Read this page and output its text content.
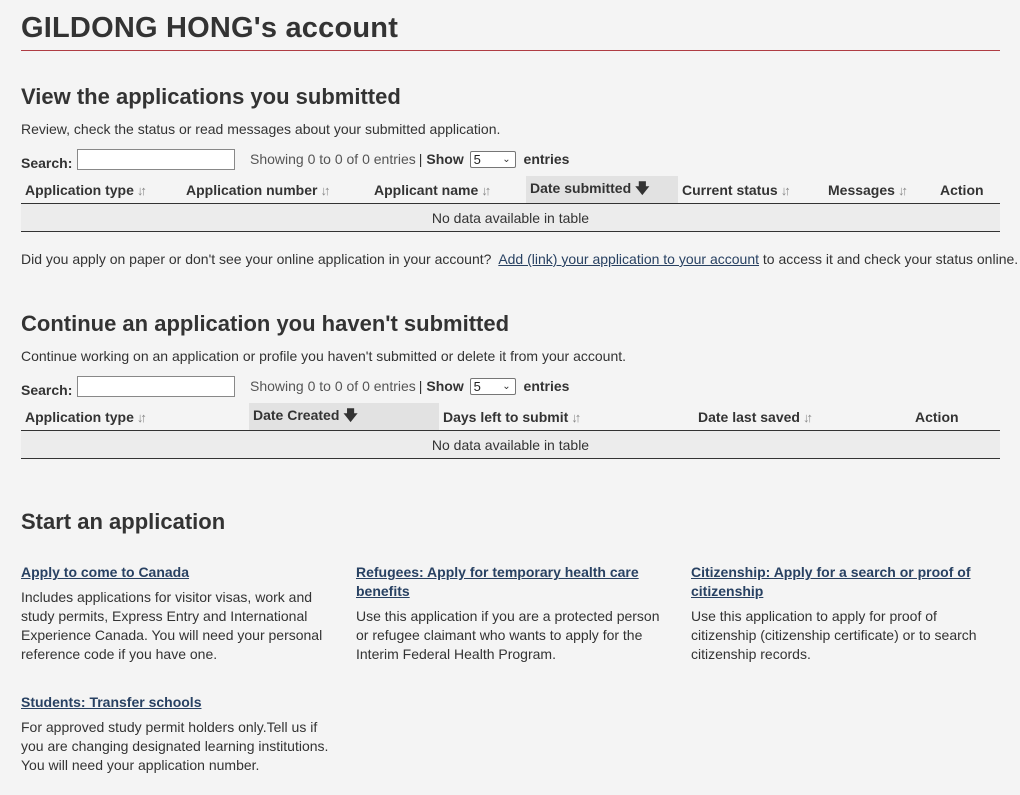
GILDONG HONG's account
View the applications you submitted
Review, check the status or read messages about your submitted application.
Search:	Showing 0 to 0 of 0 entries | Show 5 ⌄ entries
Application type ↓↑	Application number ↓↑	Applicant name ↓↑	Date submitted 🡇	Current status ↓↑	Messages ↓↑	Action
No data available in table
Did you apply on paper or don't see your online application in your account? Add (link) your application to your account to access it and check your status online.
Continue an application you haven't submitted
Continue working on an application or profile you haven't submitted or delete it from your account.
Search:	Showing 0 to 0 of 0 entries | Show 5 ⌄ entries
Application type ↓↑	Date Created 🡇	Days left to submit ↓↑	Date last saved ↓↑	Action
No data available in table
Start an application
Apply to come to Canada

Includes applications for visitor visas, work and study permits, Express Entry and International Experience Canada. You will need your personal reference code if you have one.

Refugees: Apply for temporary health care benefits

Use this application if you are a protected person or refugee claimant who wants to apply for the Interim Federal Health Program.

Citizenship: Apply for a search or proof of citizenship

Use this application to apply for proof of citizenship (citizenship certificate) or to search citizenship records.

Students: Transfer schools

For approved study permit holders only.Tell us if you are changing designated learning institutions. You will need your application number.
